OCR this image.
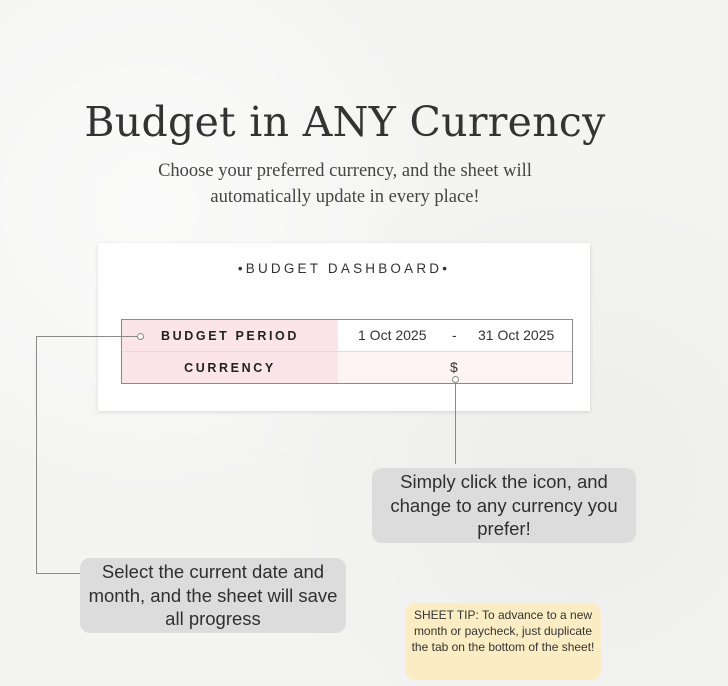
Budget in ANY Currency
Choose your preferred currency, and the sheet will automatically update in every place!
•BUDGET DASHBOARD•
BUDGET PERIOD	1 Oct 2025 - 31 Oct 2025
CURRENCY	$
Simply click the icon, and change to any currency you prefer!
Select the current date and month, and the sheet will save all progress	SHEET TIP: To advance to a new month or paycheck, just duplicate the tab on the bottom of the sheet!
